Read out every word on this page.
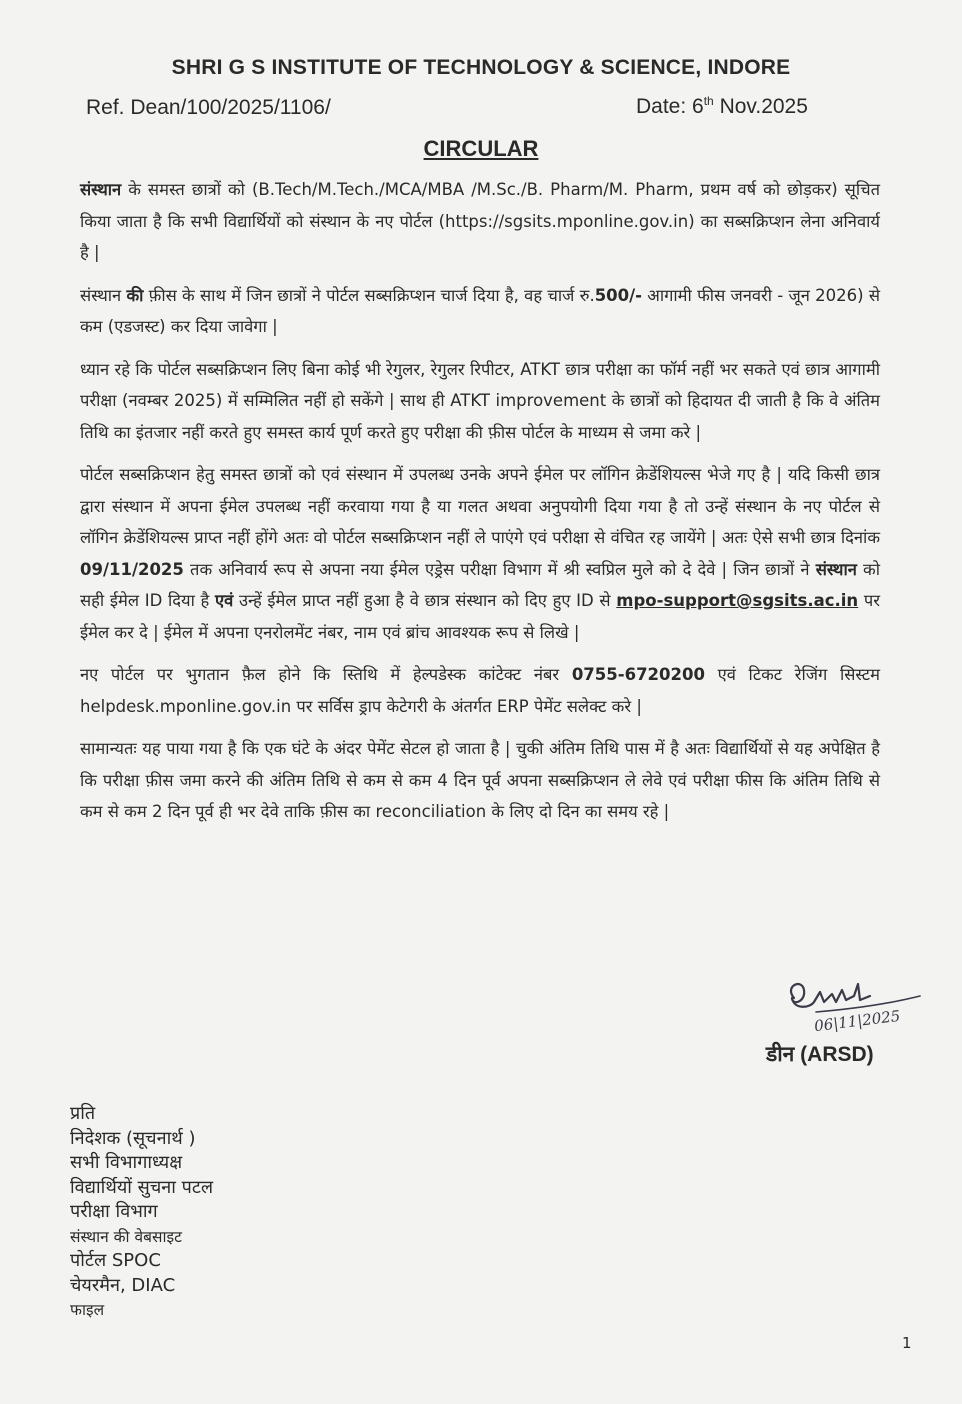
SHRI G S INSTITUTE OF TECHNOLOGY & SCIENCE, INDORE
Ref. Dean/100/2025/1106/	Date: 6th Nov.2025
CIRCULAR

संस्थान के समस्त छात्रों को (B.Tech/M.Tech./MCA/MBA /M.Sc./B. Pharm/M. Pharm, प्रथम वर्ष को छोड़कर) सूचित किया जाता है कि सभी विद्यार्थियों को संस्थान के नए पोर्टल (https://sgsits.mponline.gov.in) का सब्सक्रिप्शन लेना अनिवार्य है |

संस्थान की फ़ीस के साथ में जिन छात्रों ने पोर्टल सब्सक्रिप्शन चार्ज दिया है, वह चार्ज रु.500/- आगामी फीस जनवरी - जून 2026) से कम (एडजस्ट) कर दिया जावेगा |

ध्यान रहे कि पोर्टल सब्सक्रिप्शन लिए बिना कोई भी रेगुलर, रेगुलर रिपीटर, ATKT छात्र परीक्षा का फॉर्म नहीं भर सकते एवं छात्र आगामी परीक्षा (नवम्बर 2025) में सम्मिलित नहीं हो सकेंगे | साथ ही ATKT improvement के छात्रों को हिदायत दी जाती है कि वे अंतिम तिथि का इंतजार नहीं करते हुए समस्त कार्य पूर्ण करते हुए परीक्षा की फ़ीस पोर्टल के माध्यम से जमा करे |

पोर्टल सब्सक्रिप्शन हेतु समस्त छात्रों को एवं संस्थान में उपलब्ध उनके अपने ईमेल पर लॉगिन क्रेडेंशियल्स भेजे गए है | यदि किसी छात्र द्वारा संस्थान में अपना ईमेल उपलब्ध नहीं करवाया गया है या गलत अथवा अनुपयोगी दिया गया है तो उन्हें संस्थान के नए पोर्टल से लॉगिन क्रेडेंशियल्स प्राप्त नहीं होंगे अतः वो पोर्टल सब्सक्रिप्शन नहीं ले पाएंगे एवं परीक्षा से वंचित रह जायेंगे | अतः ऐसे सभी छात्र दिनांक 09/11/2025 तक अनिवार्य रूप से अपना नया ईमेल एड्रेस परीक्षा विभाग में श्री स्वप्रिल मुले को दे देवे | जिन छात्रों ने संस्थान को सही ईमेल ID दिया है एवं उन्हें ईमेल प्राप्त नहीं हुआ है वे छात्र संस्थान को दिए हुए ID से mpo-support@sgsits.ac.in पर ईमेल कर दे | ईमेल में अपना एनरोलमेंट नंबर, नाम एवं ब्रांच आवश्यक रूप से लिखे |

नए पोर्टल पर भुगतान फ़ैल होने कि स्तिथि में हेल्पडेस्क कांटेक्ट नंबर 0755-6720200 एवं टिकट रेजिंग सिस्टम helpdesk.mponline.gov.in पर सर्विस ड्राप केटेगरी के अंतर्गत ERP पेमेंट सलेक्ट करे |

सामान्यतः यह पाया गया है कि एक घंटे के अंदर पेमेंट सेटल हो जाता है | चुकी अंतिम तिथि पास में है अतः विद्यार्थियों से यह अपेक्षित है कि परीक्षा फ़ीस जमा करने की अंतिम तिथि से कम से कम 4 दिन पूर्व अपना सब्सक्रिप्शन ले लेवे एवं परीक्षा फीस कि अंतिम तिथि से कम से कम 2 दिन पूर्व ही भर देवे ताकि फ़ीस का reconciliation के लिए दो दिन का समय रहे |

06|11|2025
डीन (ARSD)
प्रति
निदेशक (सूचनार्थ )
सभी विभागाध्यक्ष
विद्यार्थियों सुचना पटल
परीक्षा विभाग
संस्थान की वेबसाइट
पोर्टल SPOC
चेयरमैन, DIAC
फाइल
1
